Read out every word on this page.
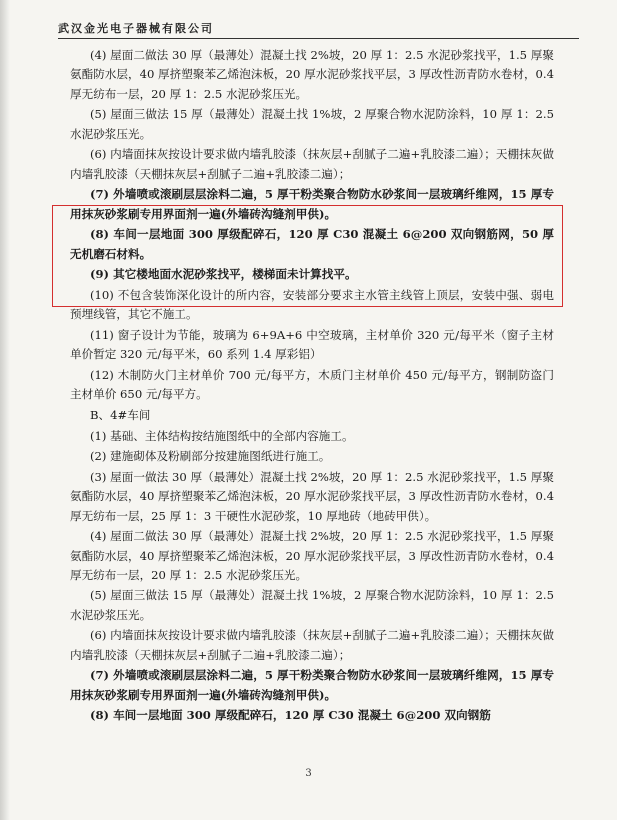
武汉金光电子器械有限公司

(4) 屋面二做法 30 厚（最薄处）混凝土找 2%坡，20 厚 1：2.5 水泥砂浆找平，1.5 厚聚氨酯防水层，40 厚挤塑聚苯乙烯泡沫板，20 厚水泥砂浆找平层，3 厚改性沥青防水卷材，0.4 厚无纺布一层，20 厚 1：2.5 水泥砂浆压光。

(5) 屋面三做法 15 厚（最薄处）混凝土找 1%坡，2 厚聚合物水泥防涂料，10 厚 1：2.5 水泥砂浆压光。

(6) 内墙面抹灰按设计要求做内墙乳胶漆（抹灰层+刮腻子二遍+乳胶漆二遍）；天棚抹灰做内墙乳胶漆（天棚抹灰层+刮腻子二遍+乳胶漆二遍）；

(7) 外墙喷或滚刷层层涂料二遍，5 厚干粉类聚合物防水砂浆间一层玻璃纤维网，15 厚专用抹灰砂浆刷专用界面剂一遍(外墙砖沟缝剂甲供)。

(8) 车间一层地面 300 厚级配碎石，120 厚 C30 混凝土 6@200 双向钢筋网，50 厚无机磨石材料。

(9) 其它楼地面水泥砂浆找平，楼梯面未计算找平。

(10) 不包含装饰深化设计的所内容，安装部分要求主水管主线管上顶层，安装中强、弱电预埋线管，其它不施工。

(11) 窗子设计为节能，玻璃为 6+9A+6 中空玻璃，主材单价 320 元/每平米（窗子主材单价暂定 320 元/每平米，60 系列 1.4 厚彩铝）

(12) 木制防火门主材单价 700 元/每平方，木质门主材单价 450 元/每平方，钢制防盗门主材单价 650 元/每平方。

B、4#车间

(1) 基础、主体结构按结施图纸中的全部内容施工。

(2) 建施砌体及粉刷部分按建施图纸进行施工。

(3) 屋面一做法 30 厚（最薄处）混凝土找 2%坡，20 厚 1：2.5 水泥砂浆找平，1.5 厚聚氨酯防水层，40 厚挤塑聚苯乙烯泡沫板，20 厚水泥砂浆找平层，3 厚改性沥青防水卷材，0.4 厚无纺布一层，25 厚 1：3 干硬性水泥砂浆，10 厚地砖（地砖甲供）。

(4) 屋面二做法 30 厚（最薄处）混凝土找 2%坡，20 厚 1：2.5 水泥砂浆找平，1.5 厚聚氨酯防水层，40 厚挤塑聚苯乙烯泡沫板，20 厚水泥砂浆找平层，3 厚改性沥青防水卷材，0.4 厚无纺布一层，20 厚 1：2.5 水泥砂浆压光。

(5) 屋面三做法 15 厚（最薄处）混凝土找 1%坡，2 厚聚合物水泥防涂料，10 厚 1：2.5 水泥砂浆压光。

(6) 内墙面抹灰按设计要求做内墙乳胶漆（抹灰层+刮腻子二遍+乳胶漆二遍）；天棚抹灰做内墙乳胶漆（天棚抹灰层+刮腻子二遍+乳胶漆二遍）；

(7) 外墙喷或滚刷层层涂料二遍，5 厚干粉类聚合物防水砂浆间一层玻璃纤维网，15 厚专用抹灰砂浆刷专用界面剂一遍(外墙砖沟缝剂甲供)。

(8) 车间一层地面 300 厚级配碎石，120 厚 C30 混凝土 6@200 双向钢筋

3
